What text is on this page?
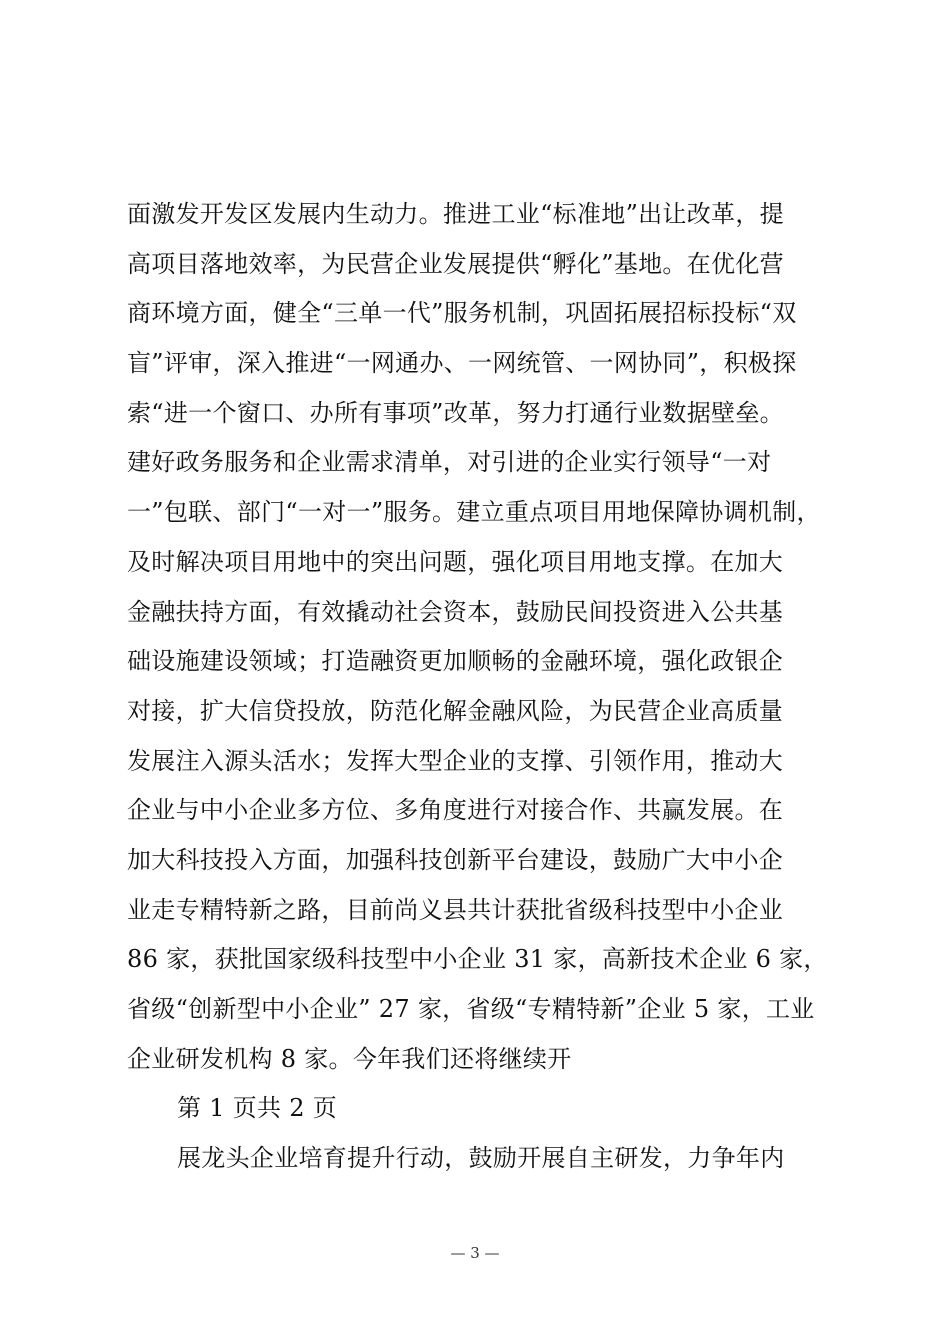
面激发开发区发展内生动力。推进工业“标准地”出让改革，提
高项目落地效率，为民营企业发展提供“孵化”基地。在优化营
商环境方面，健全“三单一代”服务机制，巩固拓展招标投标“双
盲”评审，深入推进“一网通办、一网统管、一网协同”，积极探
索“进一个窗口、办所有事项”改革，努力打通行业数据壁垒。
建好政务服务和企业需求清单，对引进的企业实行领导“一对
一”包联、部门“一对一”服务。建立重点项目用地保障协调机制，
及时解决项目用地中的突出问题，强化项目用地支撑。在加大
金融扶持方面，有效撬动社会资本，鼓励民间投资进入公共基
础设施建设领域；打造融资更加顺畅的金融环境，强化政银企
对接，扩大信贷投放，防范化解金融风险，为民营企业高质量
发展注入源头活水；发挥大型企业的支撑、引领作用，推动大
企业与中小企业多方位、多角度进行对接合作、共赢发展。在
加大科技投入方面，加强科技创新平台建设，鼓励广大中小企
业走专精特新之路，目前尚义县共计获批省级科技型中小企业
86 家，获批国家级科技型中小企业 31 家，高新技术企业 6 家，
省级“创新型中小企业” 27 家，省级“专精特新”企业 5 家，工业
企业研发机构 8 家。今年我们还将继续开
第 1 页共 2 页
展龙头企业培育提升行动，鼓励开展自主研发，力争年内
— 3 —
